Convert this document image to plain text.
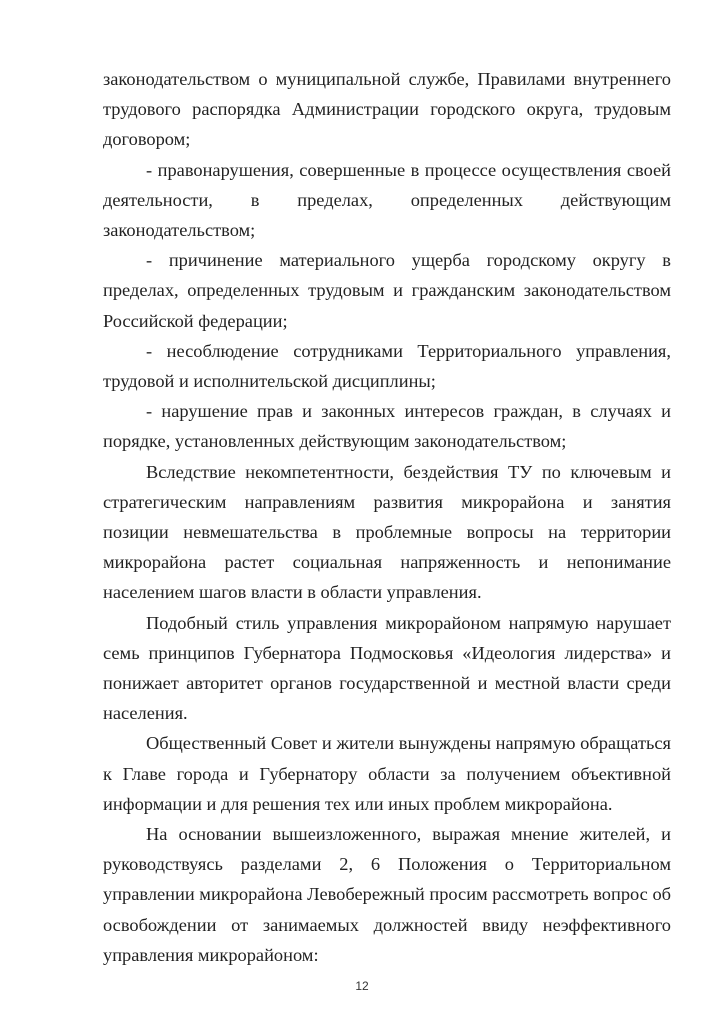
законодательством о муниципальной службе, Правилами внутреннего трудового распорядка Администрации городского округа, трудовым договором;

- правонарушения, совершенные в процессе осуществления своей деятельности, в пределах, определенных действующим законодательством;

- причинение материального ущерба городскому округу в пределах, определенных трудовым и гражданским законодательством Российской федерации;

- несоблюдение сотрудниками Территориального управления, трудовой и исполнительской дисциплины;

- нарушение прав и законных интересов граждан, в случаях и порядке, установленных действующим законодательством;

Вследствие некомпетентности, бездействия ТУ по ключевым и стратегическим направлениям развития микрорайона и занятия позиции невмешательства в проблемные вопросы на территории микрорайона растет социальная напряженность и непонимание населением шагов власти в области управления.

Подобный стиль управления микрорайоном напрямую нарушает семь принципов Губернатора Подмосковья «Идеология лидерства» и понижает авторитет органов государственной и местной власти среди населения.

Общественный Совет и жители вынуждены напрямую обращаться к Главе города и Губернатору области за получением объективной информации и для решения тех или иных проблем микрорайона.

На основании вышеизложенного, выражая мнение жителей, и руководствуясь разделами 2, 6 Положения о Территориальном управлении микрорайона Левобережный просим рассмотреть вопрос об освобождении от занимаемых должностей ввиду неэффективного управления микрорайоном:

12
